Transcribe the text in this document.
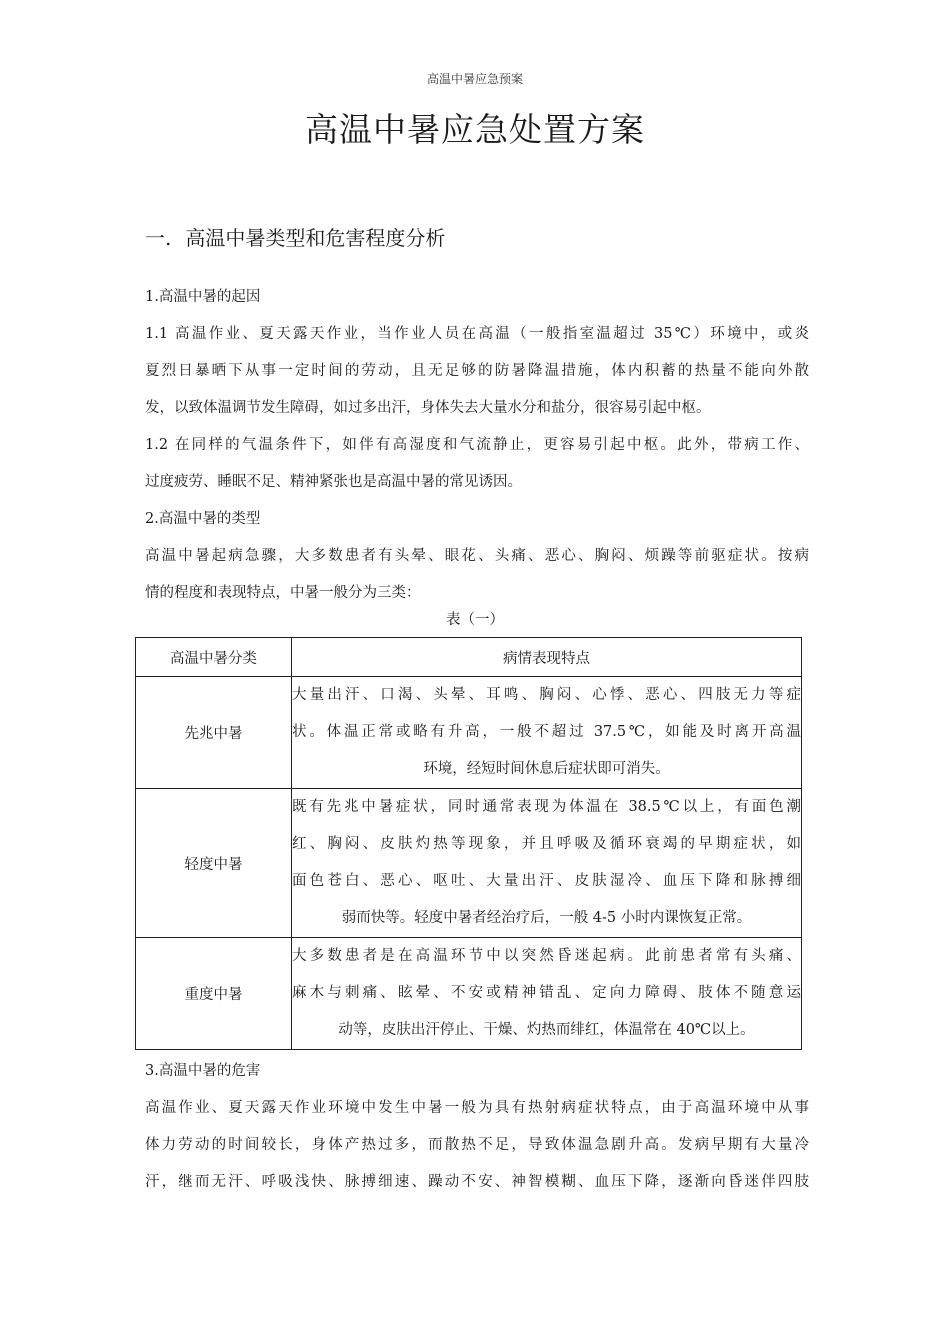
高温中暑应急预案
高温中暑应急处置方案
一. 高温中暑类型和危害程度分析
1.高温中暑的起因
1.1 高温作业、夏天露天作业，当作业人员在高温（一般指室温超过 35℃）环境中，或炎
夏烈日暴晒下从事一定时间的劳动，且无足够的防暑降温措施，体内积蓄的热量不能向外散
发，以致体温调节发生障碍，如过多出汗，身体失去大量水分和盐分，很容易引起中枢。
1.2 在同样的气温条件下，如伴有高湿度和气流静止，更容易引起中枢。此外，带病工作、
过度疲劳、睡眠不足、精神紧张也是高温中暑的常见诱因。
2.高温中暑的类型
高温中暑起病急骤，大多数患者有头晕、眼花、头痛、恶心、胸闷、烦躁等前驱症状。按病
情的程度和表现特点，中暑一般分为三类：
表（一）
高温中暑分类	病情表现特点
先兆中暑	大量出汗、口渴、头晕、耳鸣、胸闷、心悸、恶心、四肢无力等症
状。体温正常或略有升高，一般不超过 37.5℃，如能及时离开高温
环境，经短时间休息后症状即可消失。

轻度中暑	既有先兆中暑症状，同时通常表现为体温在 38.5℃以上，有面色潮
红、胸闷、皮肤灼热等现象，并且呼吸及循环衰竭的早期症状，如
面色苍白、恶心、呕吐、大量出汗、皮肤湿冷、血压下降和脉搏细
弱而快等。轻度中暑者经治疗后，一般 4-5 小时内课恢复正常。

重度中暑	大多数患者是在高温环节中以突然昏迷起病。此前患者常有头痛、
麻木与刺痛、眩晕、不安或精神错乱、定向力障碍、肢体不随意运
动等，皮肤出汗停止、干燥、灼热而绯红，体温常在 40℃以上。
3.高温中暑的危害
高温作业、夏天露天作业环境中发生中暑一般为具有热射病症状特点，由于高温环境中从事
体力劳动的时间较长，身体产热过多，而散热不足，导致体温急剧升高。发病早期有大量冷
汗，继而无汗、呼吸浅快、脉搏细速、躁动不安、神智模糊、血压下降，逐渐向昏迷伴四肢
